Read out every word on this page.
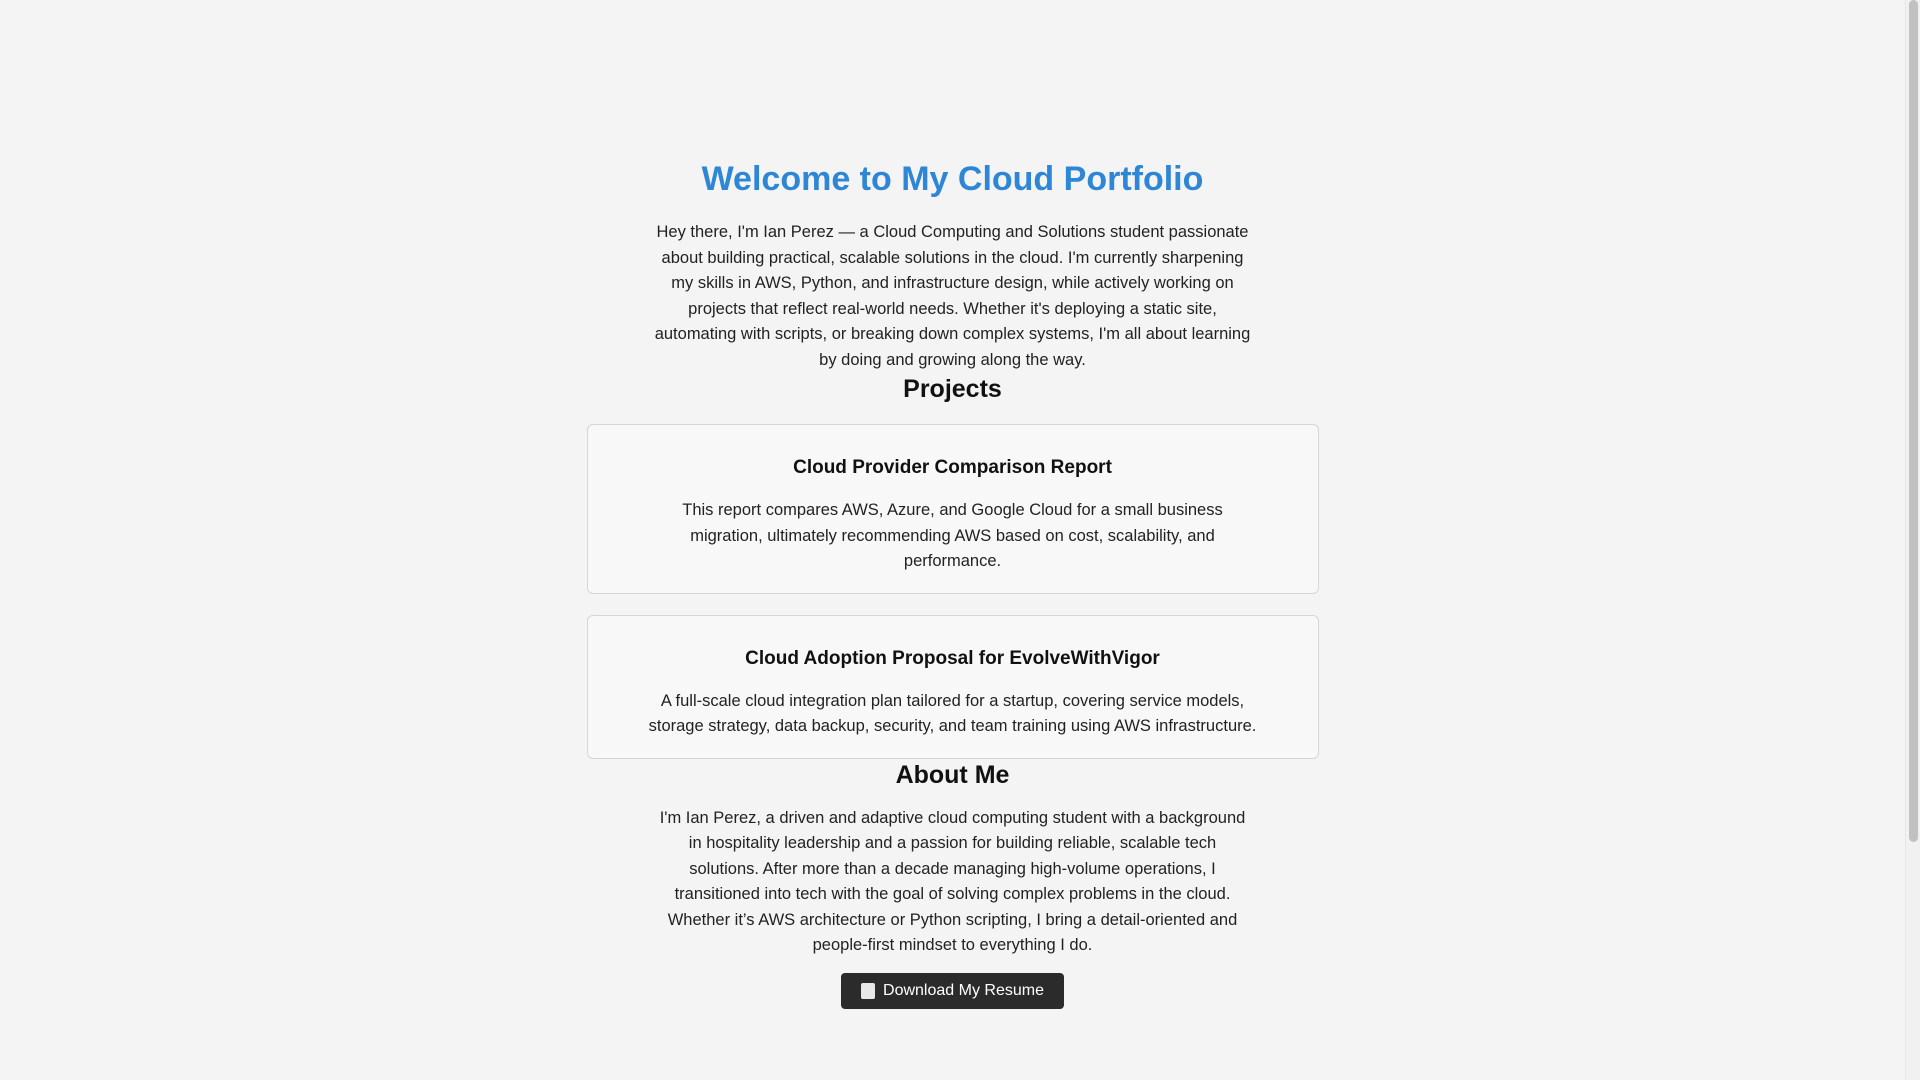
Welcome to My Cloud Portfolio

Hey there, I'm Ian Perez — a Cloud Computing and Solutions student passionate about building practical, scalable solutions in the cloud. I'm currently sharpening my skills in AWS, Python, and infrastructure design, while actively working on projects that reflect real-world needs. Whether it's deploying a static site, automating with scripts, or breaking down complex systems, I'm all about learning by doing and growing along the way.

Projects
Cloud Provider Comparison Report

This report compares AWS, Azure, and Google Cloud for a small business migration, ultimately recommending AWS based on cost, scalability, and performance.

Cloud Adoption Proposal for EvolveWithVigor

A full-scale cloud integration plan tailored for a startup, covering service models, storage strategy, data backup, security, and team training using AWS infrastructure.

About Me

I'm Ian Perez, a driven and adaptive cloud computing student with a background in hospitality leadership and a passion for building reliable, scalable tech solutions. After more than a decade managing high-volume operations, I transitioned into tech with the goal of solving complex problems in the cloud. Whether it’s AWS architecture or Python scripting, I bring a detail-oriented and people-first mindset to everything I do.

Download My Resume
